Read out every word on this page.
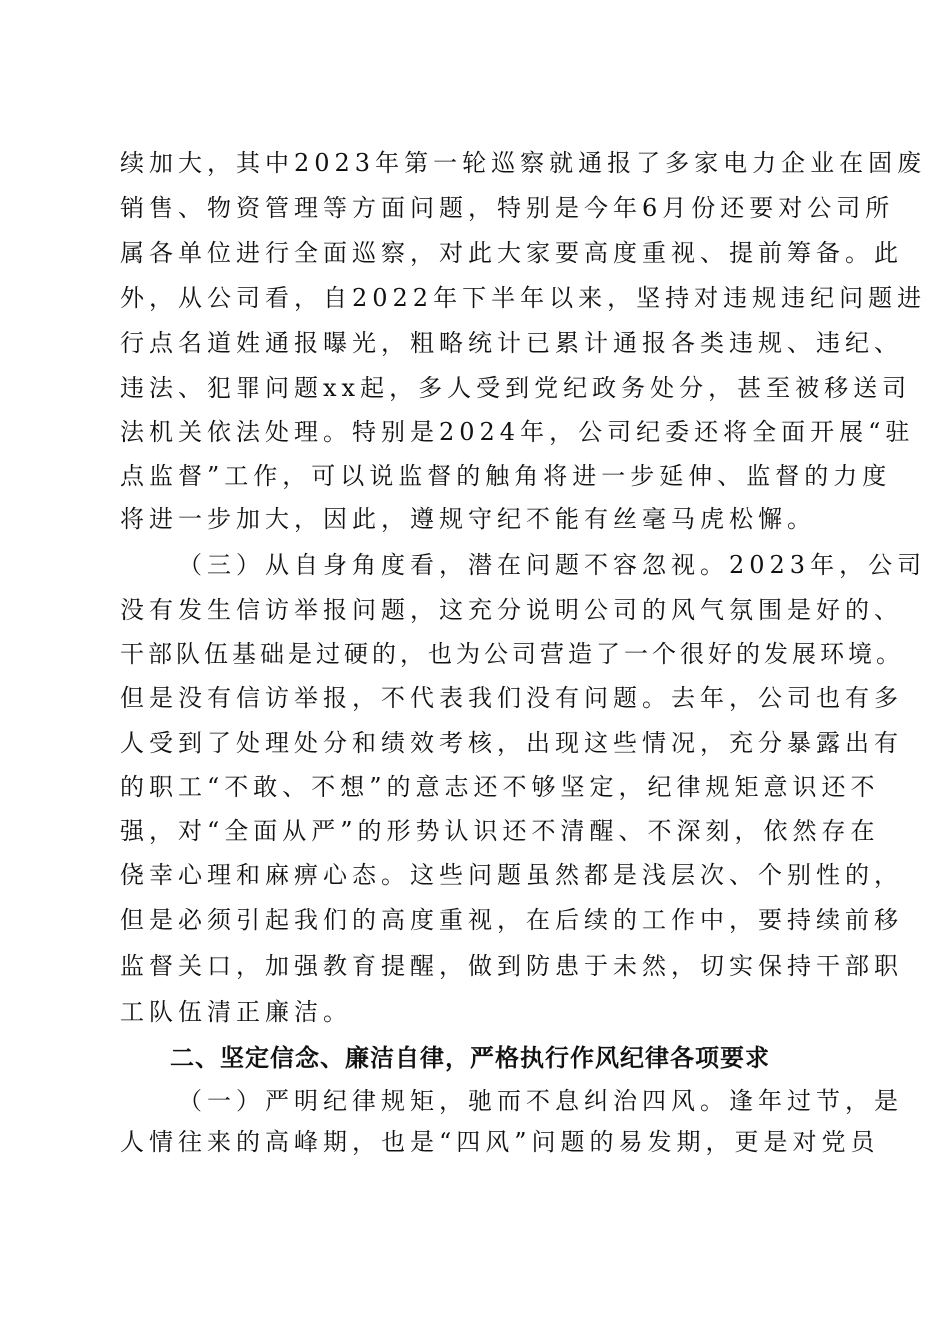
续加大，其中2023年第一轮巡察就通报了多家电力企业在固废
销售、物资管理等方面问题，特别是今年6月份还要对公司所
属各单位进行全面巡察，对此大家要高度重视、提前筹备。此
外，从公司看，自2022年下半年以来，坚持对违规违纪问题进
行点名道姓通报曝光，粗略统计已累计通报各类违规、违纪、
违法、犯罪问题xx起，多人受到党纪政务处分，甚至被移送司
法机关依法处理。特别是2024年，公司纪委还将全面开展“驻
点监督”工作，可以说监督的触角将进一步延伸、监督的力度
将进一步加大，因此，遵规守纪不能有丝毫马虎松懈。
（三）从自身角度看，潜在问题不容忽视。2023年，公司
没有发生信访举报问题，这充分说明公司的风气氛围是好的、
干部队伍基础是过硬的，也为公司营造了一个很好的发展环境。
但是没有信访举报，不代表我们没有问题。去年，公司也有多
人受到了处理处分和绩效考核，出现这些情况，充分暴露出有
的职工“不敢、不想”的意志还不够坚定，纪律规矩意识还不
强，对“全面从严”的形势认识还不清醒、不深刻，依然存在
侥幸心理和麻痹心态。这些问题虽然都是浅层次、个别性的，
但是必须引起我们的高度重视，在后续的工作中，要持续前移
监督关口，加强教育提醒，做到防患于未然，切实保持干部职
工队伍清正廉洁。
二、坚定信念、廉洁自律，严格执行作风纪律各项要求
（一）严明纪律规矩，驰而不息纠治四风。逢年过节，是
人情往来的高峰期，也是“四风”问题的易发期，更是对党员
